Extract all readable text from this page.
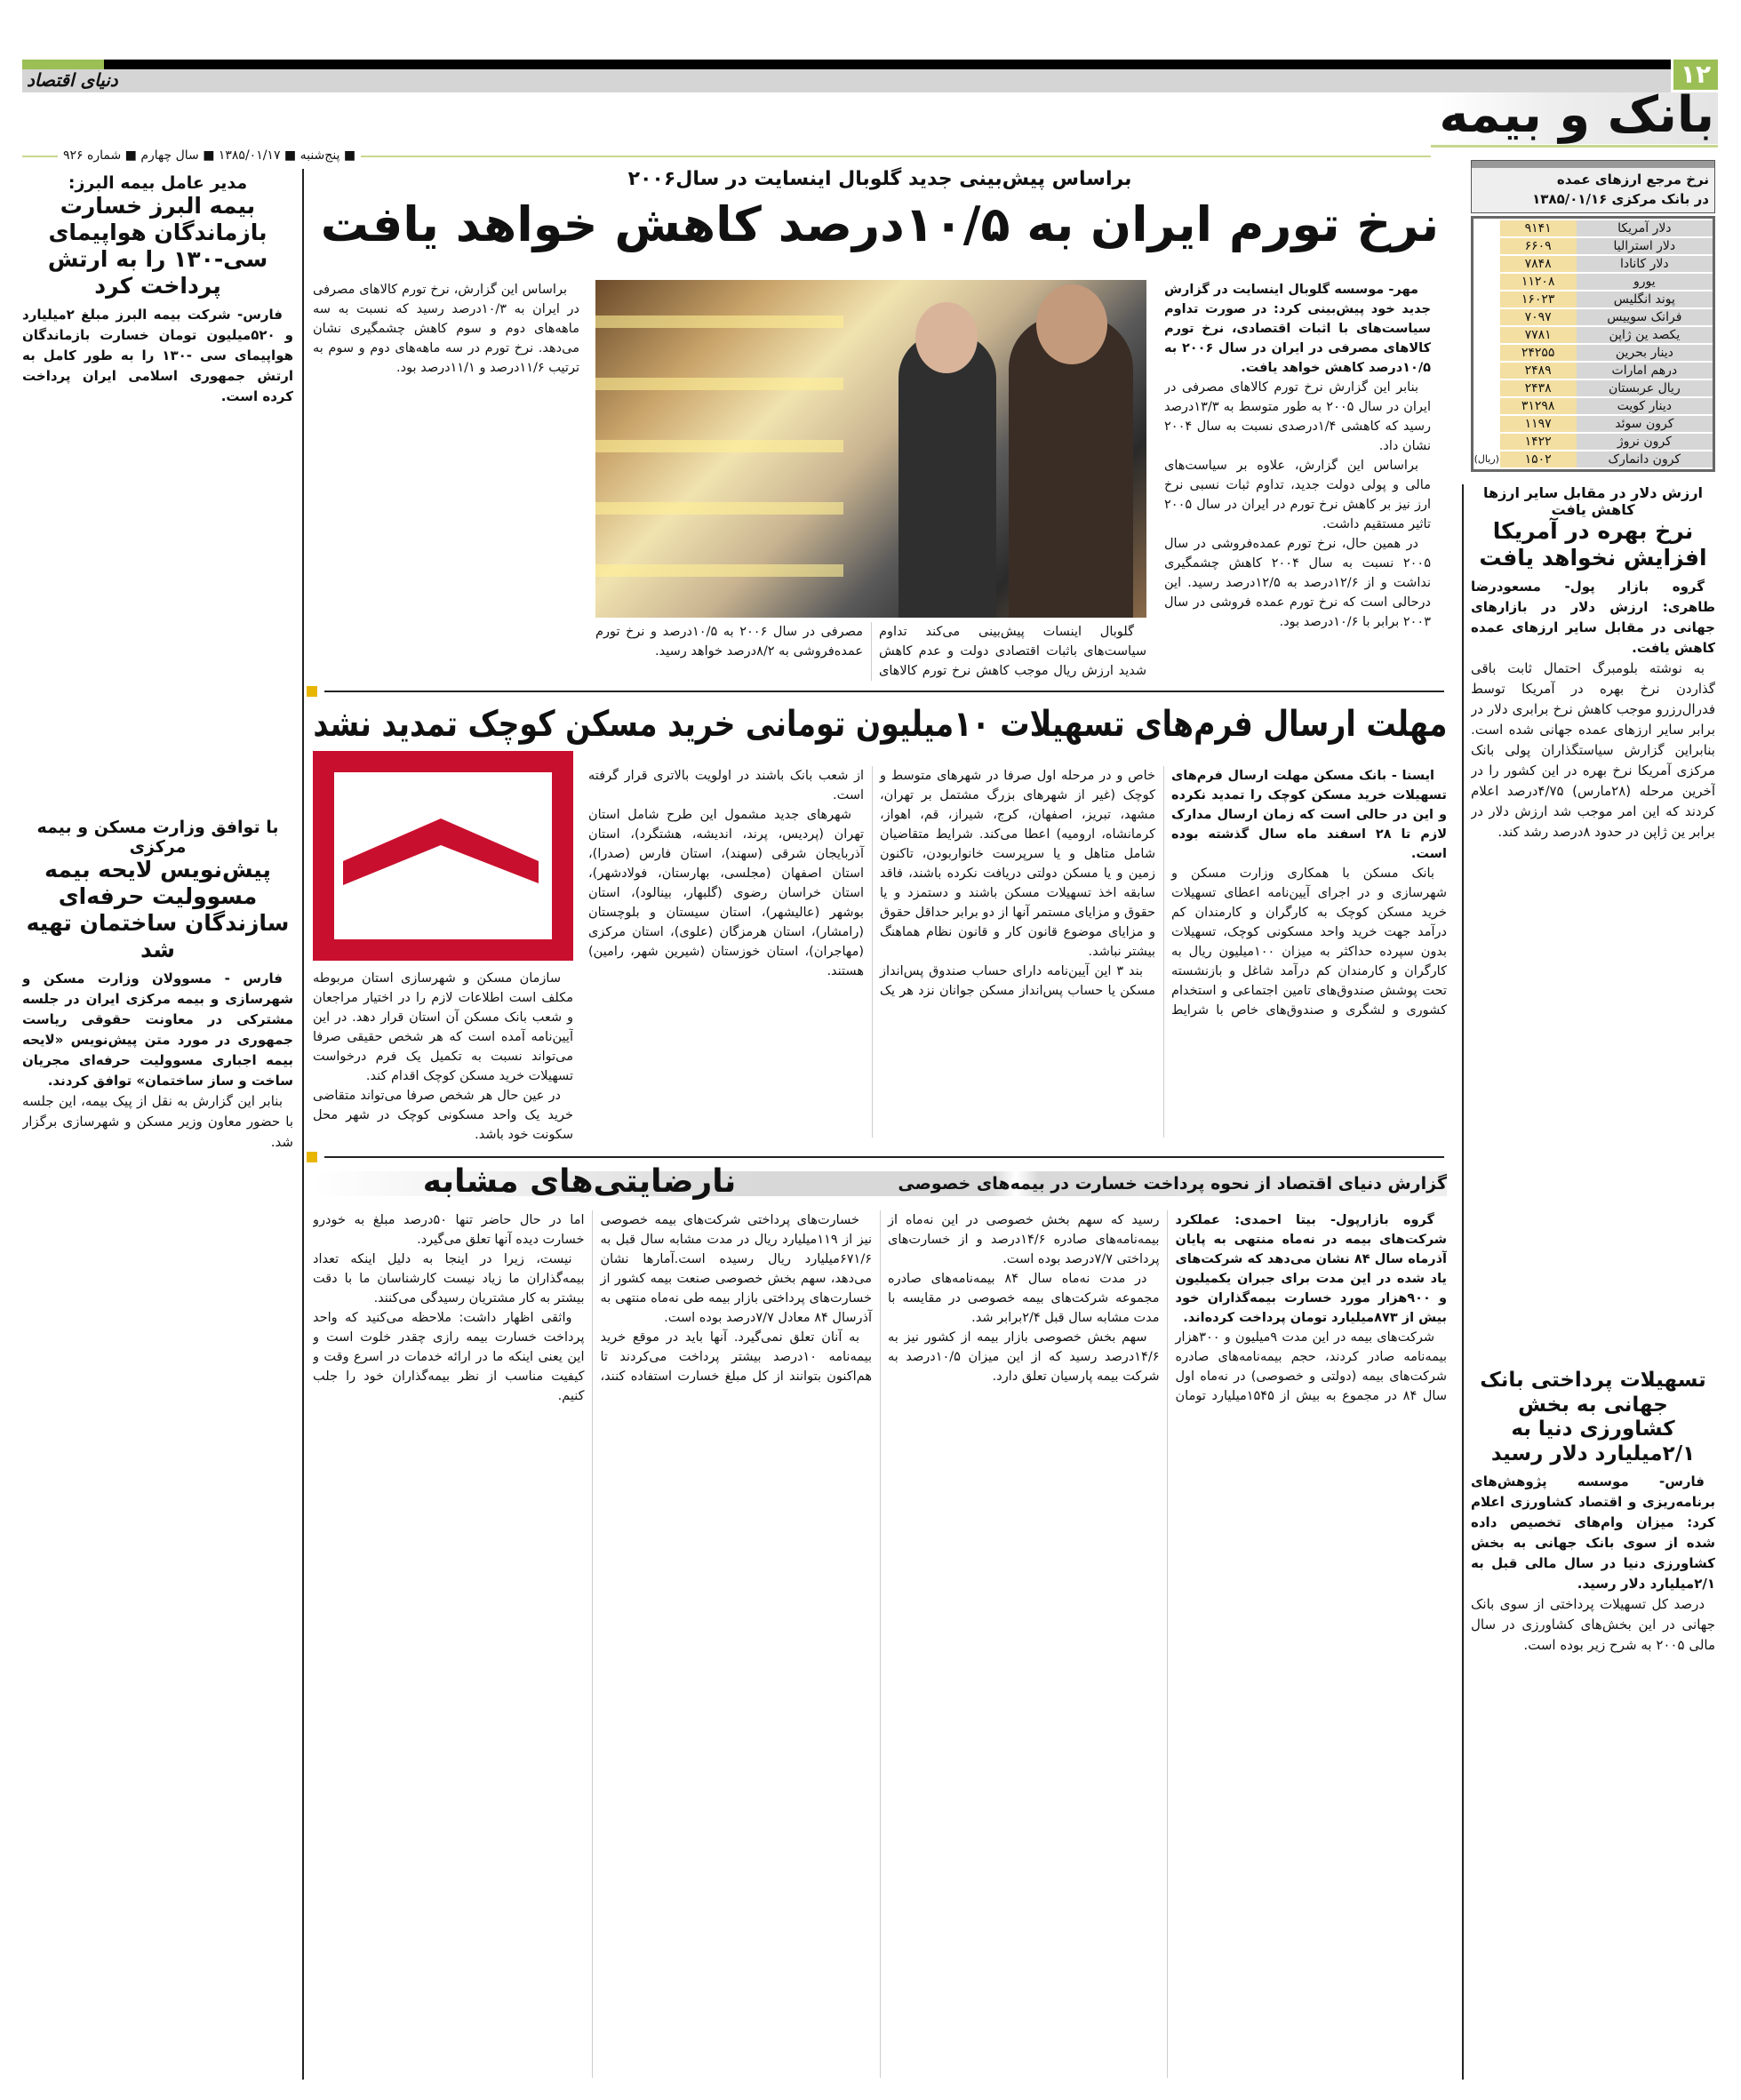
دنیای اقتصاد	۱۲
بانک و بیمه
■ پنج‌شنبه ■ ۱۳۸۵/۰۱/۱۷ ■ سال چهارم ■ شماره ۹۲۶
نرخ مرجع ارزهای عمده
در بانک مرکزی ۱۳۸۵/۰۱/۱۶
دلار آمریکا	۹۱۴۱	
دلار استرالیا	۶۶۰۹	
دلار کانادا	۷۸۴۸	
یورو	۱۱۲۰۸	
پوند انگلیس	۱۶۰۲۳	
فرانک سوییس	۷۰۹۷	
یکصد ین ژاپن	۷۷۸۱	
دینار بحرین	۲۴۲۵۵	
درهم امارات	۲۴۸۹	
ریال عربستان	۲۴۳۸	
دینار کویت	۳۱۲۹۸	
کرون سوئد	۱۱۹۷	
کرون نروژ	۱۴۲۲	
کرون دانمارک	۱۵۰۲	(ریال)
ارزش دلار در مقابل سایر ارزها کاهش یافت
نرخ بهره در آمریکا افزایش نخواهد یافت

گروه بازار پول- مسعودرضا طاهری: ارزش دلار در بازارهای جهانی در مقابل سایر ارزهای عمده کاهش یافت.

به نوشته بلومبرگ احتمال ثابت باقی گذاردن نرخ بهره در آمریکا توسط فدرال‌رزرو موجب کاهش نرخ برابری دلار در برابر سایر ارزهای عمده جهانی شده است. بنابراین گزارش سیاستگذاران پولی بانک مرکزی آمریکا نرخ بهره در این کشور را در آخرین مرحله (۲۸مارس) ۴/۷۵درصد اعلام کردند که این امر موجب شد ارزش دلار در برابر ین ژاپن در حدود ۸درصد رشد کند.

تسهیلات پرداختی بانک جهانی به بخش کشاورزی دنیا به ۲/۱میلیارد دلار رسید

فارس- موسسه پژوهش‌های برنامه‌ریزی و اقتصاد کشاورزی اعلام کرد: میزان وام‌های تخصیص داده شده از سوی بانک جهانی به بخش کشاورزی دنیا در سال مالی قبل به ۲/۱میلیارد دلار رسید.

درصد کل تسهیلات پرداختی از سوی بانک جهانی در این بخش‌های کشاورزی در سال مالی ۲۰۰۵ به شرح زیر بوده است.

مدیر عامل بیمه البرز:
بیمه البرز خسارت بازماندگان هواپیمای سی-۱۳۰ را به ارتش پرداخت کرد

فارس- شرکت بیمه البرز مبلغ ۲میلیارد و ۵۲۰میلیون تومان خسارت بازماندگان هواپیمای سی -۱۳۰ را به طور کامل به ارتش جمهوری اسلامی ایران پرداخت کرده است.

با توافق وزارت مسکن و بیمه مرکزی
پیش‌نویس لایحه بیمه مسوولیت حرفه‌ای سازندگان ساختمان تهیه شد

فارس - مسوولان وزارت مسکن و شهرسازی و بیمه مرکزی ایران در جلسه مشترکی در معاونت حقوقی ریاست جمهوری در مورد متن پیش‌نویس «لایحه بیمه اجباری مسوولیت حرفه‌ای مجریان ساخت و ساز ساختمان» توافق کردند.

بنابر این گزارش به نقل از پیک بیمه، این جلسه با حضور معاون وزیر مسکن و شهرسازی برگزار شد.

براساس پیش‌بینی جدید گلوبال اینسایت در سال۲۰۰۶
نرخ تورم ایران به ۱۰/۵درصد کاهش خواهد یافت

مهر- موسسه گلوبال اینسایت در گزارش جدید خود پیش‌بینی کرد: در صورت تداوم سیاست‌های با اثبات اقتصادی، نرخ تورم کالاهای مصرفی در ایران در سال ۲۰۰۶ به ۱۰/۵درصد کاهش خواهد یافت.

بنابر این گزارش نرخ تورم کالاهای مصرفی در ایران در سال ۲۰۰۵ به طور متوسط به ۱۳/۳درصد رسید که کاهشی ۱/۴درصدی نسبت به سال ۲۰۰۴ نشان داد.

براساس این گزارش، علاوه بر سیاست‌های مالی و پولی دولت جدید، تداوم ثبات نسبی نرخ ارز نیز بر کاهش نرخ تورم در ایران در سال ۲۰۰۵ تاثیر مستقیم داشت.

در همین حال، نرخ تورم عمده‌فروشی در سال ۲۰۰۵ نسبت به سال ۲۰۰۴ کاهش چشمگیری نداشت و از ۱۲/۶درصد به ۱۲/۵درصد رسید. این درحالی است که نرخ تورم عمده فروشی در سال ۲۰۰۳ برابر با ۱۰/۶درصد بود.

گلوبال اینسات پیش‌بینی می‌کند تداوم سیاست‌های باثبات اقتصادی دولت و عدم کاهش شدید ارزش ریال موجب کاهش نرخ تورم کالاهای مصرفی در سال ۲۰۰۶ به ۱۰/۵درصد و نرخ تورم عمده‌فروشی به ۸/۲درصد خواهد رسید.

براساس این گزارش، نرخ تورم کالاهای مصرفی در ایران به ۱۰/۳درصد رسید که نسبت به سه ماهه‌های دوم و سوم کاهش چشمگیری نشان می‌دهد. نرخ تورم در سه ماهه‌های دوم و سوم به ترتیب ۱۱/۶درصد و ۱۱/۱درصد بود.

مهلت ارسال فرم‌های تسهیلات ۱۰میلیون تومانی خرید مسکن کوچک تمدید نشد

سازمان مسکن و شهرسازی استان مربوطه مکلف است اطلاعات لازم را در اختیار مراجعان و شعب بانک مسکن آن استان قرار دهد. در این آیین‌نامه آمده است که هر شخص حقیقی صرفا می‌تواند نسبت به تکمیل یک فرم درخواست تسهیلات خرید مسکن کوچک اقدام کند.

در عین حال هر شخص صرفا می‌تواند متقاضی خرید یک واحد مسکونی کوچک در شهر محل سکونت خود باشد.

ایسنا - بانک مسکن مهلت ارسال فرم‌های تسهیلات خرید مسکن کوچک را تمدید نکرده و این در حالی است که زمان ارسال مدارک لازم تا ۲۸ اسفند ماه سال گذشته بوده است.

بانک مسکن با همکاری وزارت مسکن و شهرسازی و در اجرای آیین‌نامه اعطای تسهیلات خرید مسکن کوچک به کارگران و کارمندان کم درآمد جهت خرید واحد مسکونی کوچک، تسهیلات بدون سپرده حداکثر به میزان ۱۰۰میلیون ریال به کارگران و کارمندان کم درآمد شاغل و بازنشسته تحت پوشش صندوق‌های تامین اجتماعی و استخدام کشوری و لشگری و صندوق‌های خاص با شرایط خاص و در مرحله اول صرفا در شهرهای متوسط و کوچک (غیر از شهرهای بزرگ مشتمل بر تهران، مشهد، تبریز، اصفهان، کرج، شیراز، قم، اهواز، کرمانشاه، ارومیه) اعطا می‌کند. شرایط متقاضیان شامل متاهل و یا سرپرست خانواربودن، تاکنون زمین و یا مسکن دولتی دریافت نکرده باشند، فاقد سابقه اخذ تسهیلات مسکن باشند و دستمزد و یا حقوق و مزایای مستمر آنها از دو برابر حداقل حقوق و مزایای موضوع قانون کار و قانون نظام هماهنگ بیشتر نباشد.

بند ۳ این آیین‌نامه دارای حساب صندوق پس‌انداز مسکن یا حساب پس‌انداز مسکن جوانان نزد هر یک از شعب بانک باشند در اولویت بالاتری قرار گرفته است.

شهرهای جدید مشمول این طرح شامل استان تهران (پردیس، پرند، اندیشه، هشتگرد)، استان آذربایجان شرقی (سهند)، استان فارس (صدرا)، استان اصفهان (مجلسی، بهارستان، فولادشهر)، استان خراسان رضوی (گلبهار، بینالود)، استان بوشهر (عالیشهر)، استان سیستان و بلوچستان (رامشار)، استان هرمزگان (علوی)، استان مرکزی (مهاجران)، استان خوزستان (شیرین شهر، رامین) هستند.

گزارش دنیای اقتصاد از نحوه پرداخت خسارت در بیمه‌های خصوصی
نارضایتی‌های مشابه

گروه بازارپول- بیتا احمدی: عملکرد شرکت‌های بیمه در نه‌ماه منتهی به پایان آذرماه سال ۸۴ نشان می‌دهد که شرکت‌های یاد شده در این مدت برای جبران یکمیلیون و ۹۰۰هزار مورد خسارت بیمه‌گذاران خود بیش از ۸۷۳میلیارد تومان پرداخت کرده‌اند.

شرکت‌های بیمه در این مدت ۹میلیون و ۳۰۰هزار بیمه‌نامه صادر کردند، حجم بیمه‌نامه‌های صادره شرکت‌های بیمه (دولتی و خصوصی) در نه‌ماه اول سال ۸۴ در مجموع به بیش از ۱۵۴۵میلیارد تومان رسید که سهم بخش خصوصی در این نه‌ماه از بیمه‌نامه‌های صادره ۱۴/۶درصد و از خسارت‌های پرداختی ۷/۷درصد بوده است.

در مدت نه‌ماه سال ۸۴ بیمه‌نامه‌های صادره مجموعه شرکت‌های بیمه خصوصی در مقایسه با مدت مشابه سال قبل ۲/۴برابر شد.

سهم بخش خصوصی بازار بیمه از کشور نیز به ۱۴/۶درصد رسید که از این میزان ۱۰/۵درصد به شرکت بیمه پارسیان تعلق دارد.

خسارت‌های پرداختی شرکت‌های بیمه خصوصی نیز از ۱۱۹میلیارد ریال در مدت مشابه سال قبل به ۶۷۱/۶میلیارد ریال رسیده است.آمارها نشان می‌دهد، سهم بخش خصوصی صنعت بیمه کشور از خسارت‌های پرداختی بازار بیمه طی نه‌ماه منتهی به آذرسال ۸۴ معادل ۷/۷درصد بوده است.

به آنان تعلق نمی‌گیرد. آنها باید در موقع خرید بیمه‌نامه ۱۰درصد بیشتر پرداخت می‌کردند تا هم‌اکنون بتوانند از کل مبلغ خسارت استفاده کنند، اما در حال حاضر تنها ۵۰درصد مبلغ به خودرو خسارت دیده آنها تعلق می‌گیرد.

نیست، زیرا در اینجا به دلیل اینکه تعداد بیمه‌گذاران ما زیاد نیست کارشناسان ما با دقت بیشتر به کار مشتریان رسیدگی می‌کنند.

واثقی اظهار داشت: ملاحظه می‌کنید که واحد پرداخت خسارت بیمه رازی چقدر خلوت است و این یعنی اینکه ما در ارائه خدمات در اسرع وقت و کیفیت مناسب از نظر بیمه‌گذاران خود را جلب کنیم.
